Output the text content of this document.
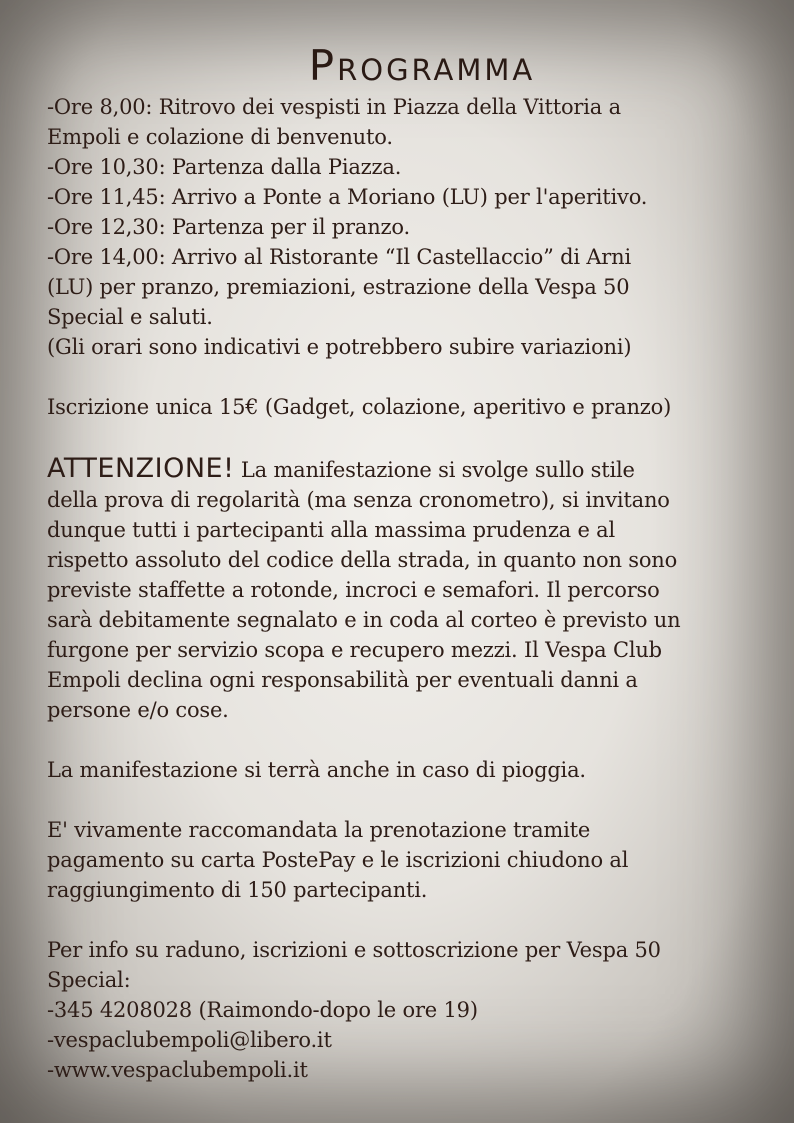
Programma
-Ore 8,00: Ritrovo dei vespisti in Piazza della Vittoria a
Empoli e colazione di benvenuto.
-Ore 10,30: Partenza dalla Piazza.
-Ore 11,45: Arrivo a Ponte a Moriano (LU) per l'aperitivo.
-Ore 12,30: Partenza per il pranzo.
-Ore 14,00: Arrivo al Ristorante “Il Castellaccio” di Arni
(LU) per pranzo, premiazioni, estrazione della Vespa 50
Special e saluti.
(Gli orari sono indicativi e potrebbero subire variazioni)
Iscrizione unica 15€ (Gadget, colazione, aperitivo e pranzo)
ATTENZIONE! La manifestazione si svolge sullo stile
della prova di regolarità (ma senza cronometro), si invitano
dunque tutti i partecipanti alla massima prudenza e al
rispetto assoluto del codice della strada, in quanto non sono
previste staffette a rotonde, incroci e semafori. Il percorso
sarà debitamente segnalato e in coda al corteo è previsto un
furgone per servizio scopa e recupero mezzi. Il Vespa Club
Empoli declina ogni responsabilità per eventuali danni a
persone e/o cose.
La manifestazione si terrà anche in caso di pioggia.
E' vivamente raccomandata la prenotazione tramite
pagamento su carta PostePay e le iscrizioni chiudono al
raggiungimento di 150 partecipanti.
Per info su raduno, iscrizioni e sottoscrizione per Vespa 50
Special:
-345 4208028 (Raimondo-dopo le ore 19)
-vespaclubempoli@libero.it
-www.vespaclubempoli.it
